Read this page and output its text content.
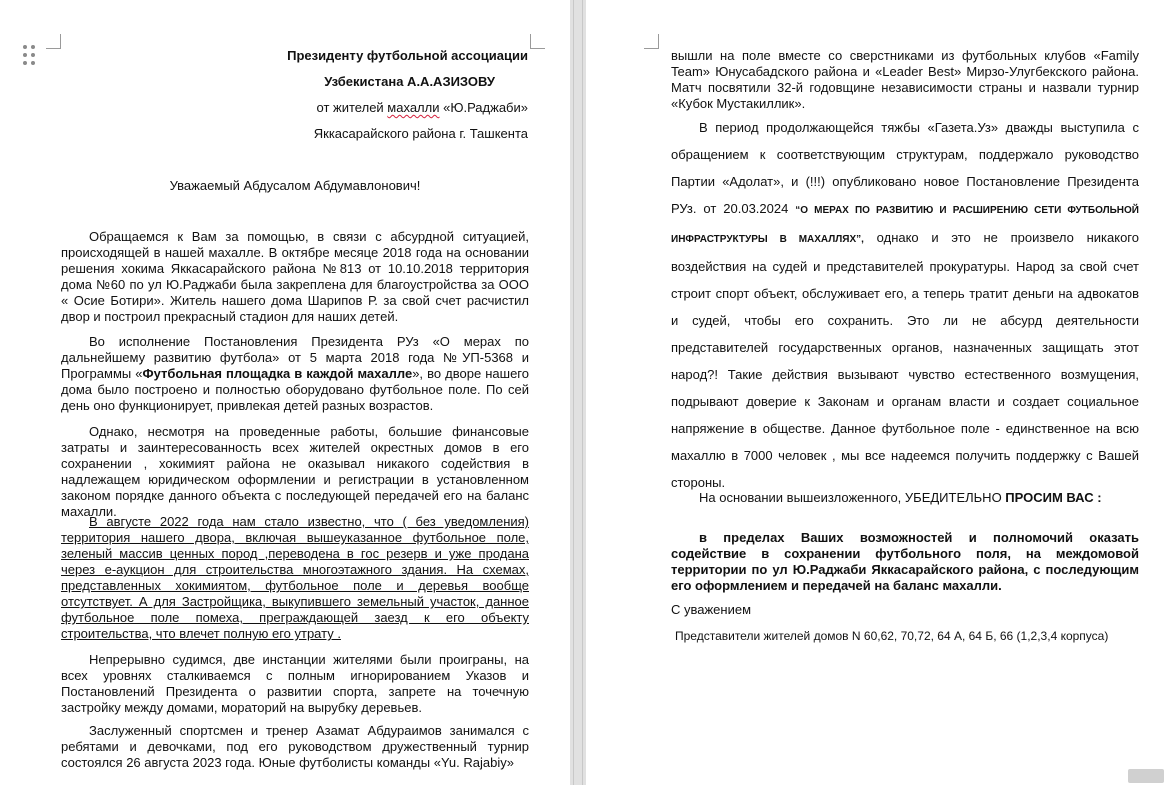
Президенту футбольной ассоциации
Узбекистана А.А.АЗИЗОВУ
от жителей махалли «Ю.Раджаби»
Яккасарайского района г. Ташкента
Уважаемый Абдусалом Абдумавлонович!
Обращаемся к Вам за помощью, в связи с абсурдной ситуацией, происходящей в нашей махалле. В октябре месяце 2018 года на основании решения хокима Яккасарайского района №813 от 10.10.2018 территория дома №60 по ул Ю.Раджаби была закреплена для благоустройства за ООО « Осие Ботири». Житель нашего дома Шарипов Р. за свой счет расчистил двор и построил прекрасный стадион для наших детей.
Во исполнение Постановления Президента РУз «О мерах по дальнейшему развитию футбола» от 5 марта 2018 года №УП-5368 и Программы «Футбольная площадка в каждой махалле», во дворе нашего дома было построено и полностью оборудовано футбольное поле. По сей день оно функционирует, привлекая детей разных возрастов.
Однако, несмотря на проведенные работы, большие финансовые затраты и заинтересованность всех жителей окрестных домов в его сохранении , хокимият района не оказывал никакого содействия в надлежащем юридическом оформлении и регистрации в установленном законом порядке данного объекта с последующей передачей его на баланс махалли.
В августе 2022 года нам стало известно, что ( без уведомления) территория нашего двора, включая вышеуказанное футбольное поле, зеленый массив ценных пород ,переводена в гос резерв и уже продана через е-аукцион для строительства многоэтажного здания. На схемах, представленных хокимиятом, футбольное поле и деревья вообще отсутствует. А для Застройщика, выкупившего земельный участок, данное футбольное поле помеха, преграждающей заезд к его объекту строительства, что влечет полную его утрату .
Непрерывно судимся, две инстанции жителями были проиграны, на всех уровнях сталкиваемся с полным игнорированием Указов и Постановлений Президента о развитии спорта, запрете на точечную застройку между домами, мораторий на вырубку деревьев.
Заслуженный спортсмен и тренер Азамат Абдураимов занимался с ребятами и девочками, под его руководством дружественный турнир состоялся 26 августа 2023 года. Юные футболисты команды «Yu. Rajabiy»
вышли на поле вместе со сверстниками из футбольных клубов «Family Team» Юнусабадского района и «Leader Best» Мирзо-Улугбекского района. Матч посвятили 32-й годовщине независимости страны и назвали турнир «Кубок Мустакиллик».
В период продолжающейся тяжбы «Газета.Уз» дважды выступила с обращением к соответствующим структурам, поддержало руководство Партии «Адолат», и (!!!) опубликовано новое Постановление Президента РУз. от 20.03.2024 “О МЕРАХ ПО РАЗВИТИЮ И РАСШИРЕНИЮ СЕТИ ФУТБОЛЬНОЙ ИНФРАСТРУКТУРЫ В МАХАЛЛЯХ”, однако и это не произвело никакого воздействия на судей и представителей прокуратуры. Народ за свой счет строит спорт объект, обслуживает его, а теперь тратит деньги на адвокатов и судей, чтобы его сохранить. Это ли не абсурд деятельности представителей государственных органов, назначенных защищать этот народ?! Такие действия вызывают чувство естественного возмущения, подрывают доверие к Законам и органам власти и создает социальное напряжение в обществе. Данное футбольное поле - единственное на всю махаллю в 7000 человек , мы все надеемся получить поддержку с Вашей стороны.
На основании вышеизложенного, УБЕДИТЕЛЬНО ПРОСИМ ВАС :
в пределах Ваших возможностей и полномочий оказать содействие в сохранении футбольного поля, на междомовой территории по ул Ю.Раджаби Яккасарайского района, с последующим его оформлением и передачей на баланс махалли.
С уважением
Представители жителей домов N 60,62, 70,72, 64 А, 64 Б, 66 (1,2,3,4 корпуса)
